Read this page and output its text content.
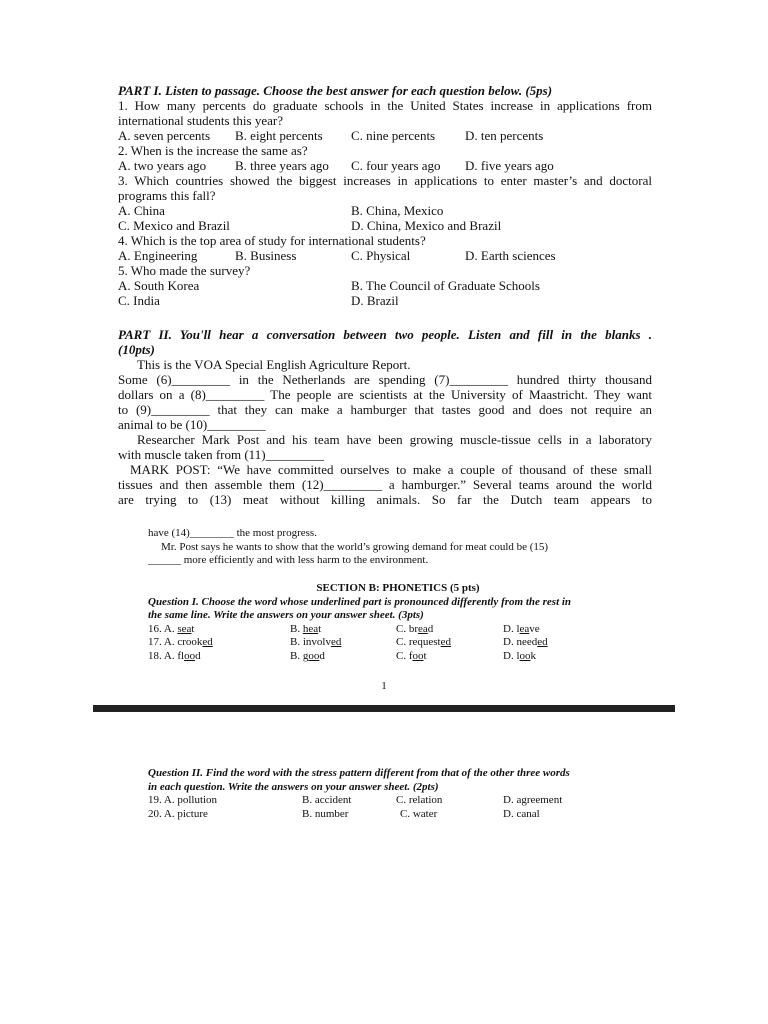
PART I. Listen to passage. Choose the best answer for each question below. (5ps)
1. How many percents do graduate schools in the United States increase in applications from
international students this year?
A. seven percents B. eight percents C. nine percents D. ten percents
2. When is the increase the same as?
A. two years ago B. three years ago C. four years ago D. five years ago
3. Which countries showed the biggest increases in applications to enter master’s and doctoral
programs this fall?
A. China	B. China, Mexico
C. Mexico and Brazil	D. China, Mexico and Brazil
4. Which is the top area of study for international students?
A. Engineering	B. Business	C. Physical	D. Earth sciences
5. Who made the survey?
A. South Korea	B. The Council of Graduate Schools
C. India	D. Brazil
PART II. You'll hear a conversation between two people. Listen and fill in the blanks .
(10pts)
This is the VOA Special English Agriculture Report.
Some (6)_________ in the Netherlands are spending (7)_________ hundred thirty thousand
dollars on a (8)_________ The people are scientists at the University of Maastricht. They want
to (9)_________ that they can make a hamburger that tastes good and does not require an
animal to be (10)_________
Researcher Mark Post and his team have been growing muscle-tissue cells in a laboratory
with muscle taken from (11)_________
MARK POST: “We have committed ourselves to make a couple of thousand of these small
tissues and then assemble them (12)_________ a hamburger.” Several teams around the world
are trying to (13) meat without killing animals. So far the Dutch team appears to
have (14)________ the most progress.
Mr. Post says he wants to show that the world’s growing demand for meat could be (15)
______ more efficiently and with less harm to the environment.
SECTION B: PHONETICS (5 pts)
Question I. Choose the word whose underlined part is pronounced differently from the rest in
the same line. Write the answers on your answer sheet. (3pts)
16. A. seat	B. heat	C. bread	D. leave
17. A. crooked	B. involved	C. requested	D. needed
18. A. flood	B. good	C. foot	D. look
1
Question II. Find the word with the stress pattern different from that of the other three words
in each question. Write the answers on your answer sheet. (2pts)
19. A. pollution	B. accident	C. relation	D. agreement
20. A. picture	B. number	C. water	D. canal
